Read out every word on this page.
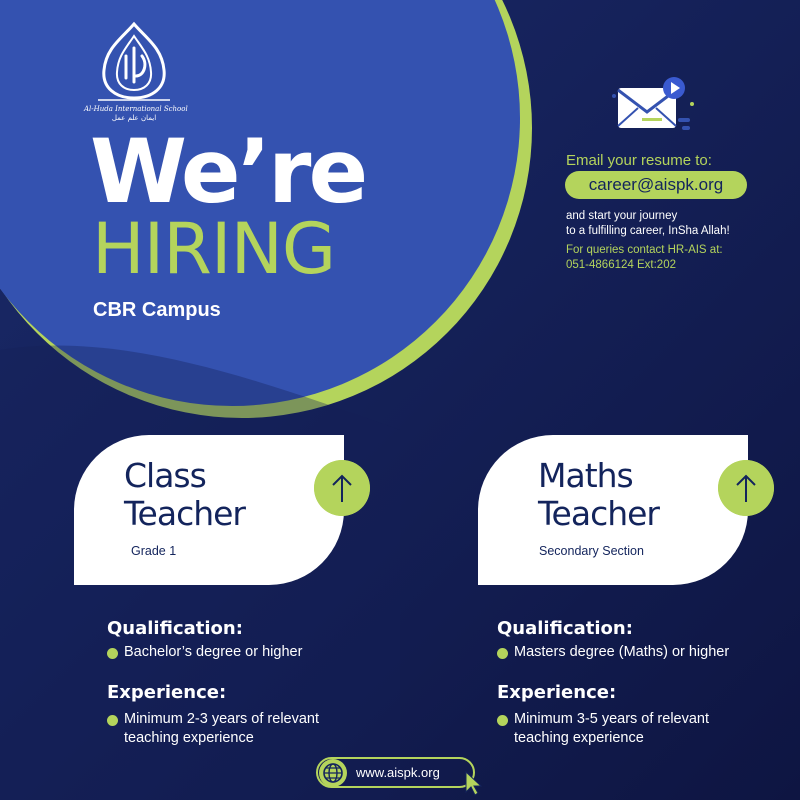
Al-Huda International School
ایمان علم عمل
We’re
HIRING
CBR Campus
Email your resume to:
career@aispk.org
and start your journey
to a fulfilling career, InSha Allah!
For queries contact HR-AIS at:
051-4866124 Ext:202
Class
Teacher
Grade 1
Maths
Teacher
Secondary Section
Qualification:
Bachelor’s degree or higher
Experience:
Minimum 2-3 years of relevant
teaching experience
Qualification:
Masters degree (Maths) or higher
Experience:
Minimum 3-5 years of relevant
teaching experience
www.aispk.org
